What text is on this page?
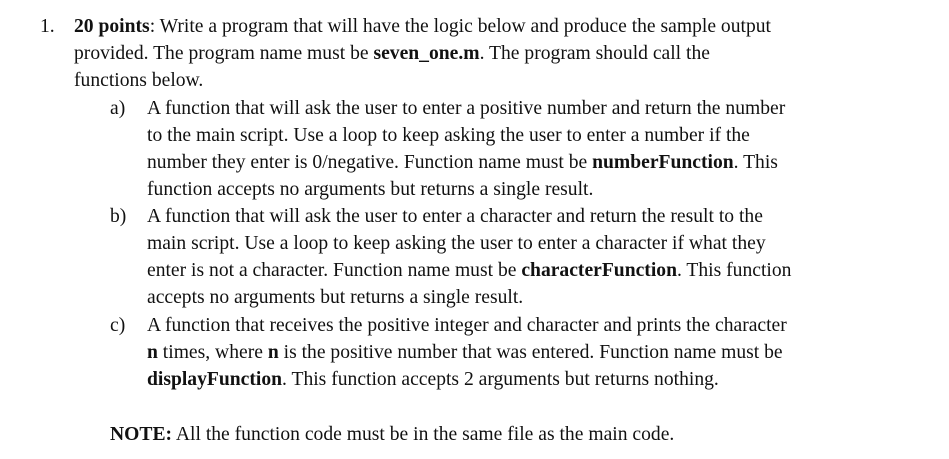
1. 20 points: Write a program that will have the logic below and produce the sample output
provided. The program name must be seven_one.m. The program should call the
functions below.
a) A function that will ask the user to enter a positive number and return the number
to the main script. Use a loop to keep asking the user to enter a number if the
number they enter is 0/negative. Function name must be numberFunction. This
function accepts no arguments but returns a single result.
b) A function that will ask the user to enter a character and return the result to the
main script. Use a loop to keep asking the user to enter a character if what they
enter is not a character. Function name must be characterFunction. This function
accepts no arguments but returns a single result.
c) A function that receives the positive integer and character and prints the character
n times, where n is the positive number that was entered. Function name must be
displayFunction. This function accepts 2 arguments but returns nothing.
NOTE: All the function code must be in the same file as the main code.
